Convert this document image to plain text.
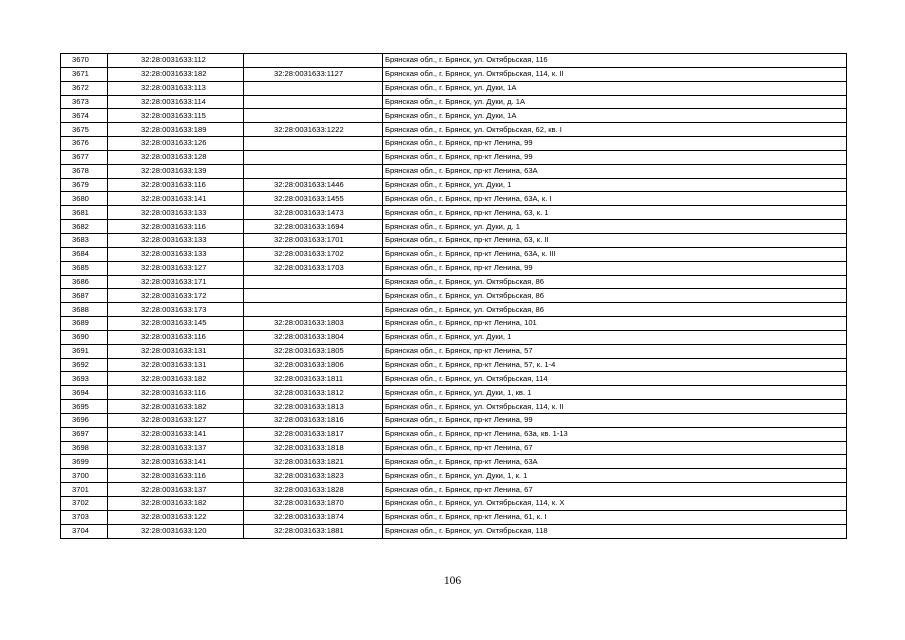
3670	32:28:0031633:112		Брянская обл., г. Брянск, ул. Октябрьская, 116
3671	32:28:0031633:182	32:28:0031633:1127	Брянская обл., г. Брянск, ул. Октябрьская, 114, к. II
3672	32:28:0031633:113		Брянская обл., г. Брянск, ул. Дуки, 1А
3673	32:28:0031633:114		Брянская обл., г. Брянск, ул. Дуки, д. 1А
3674	32:28:0031633:115		Брянская обл., г. Брянск, ул. Дуки, 1А
3675	32:28:0031633:189	32:28:0031633:1222	Брянская обл., г. Брянск, ул. Октябрьская, 62, кв. I
3676	32:28:0031633:126		Брянская обл., г. Брянск, пр-кт Ленина, 99
3677	32:28:0031633:128		Брянская обл., г. Брянск, пр-кт Ленина, 99
3678	32:28:0031633:139		Брянская обл., г. Брянск, пр-кт Ленина, 63А
3679	32:28:0031633:116	32:28:0031633:1446	Брянская обл., г. Брянск, ул. Дуки, 1
3680	32:28:0031633:141	32:28:0031633:1455	Брянская обл., г. Брянск, пр-кт Ленина, 63А, к. I
3681	32:28:0031633:133	32:28:0031633:1473	Брянская обл., г. Брянск, пр-кт Ленина, 63, к. 1
3682	32:28:0031633:116	32:28:0031633:1694	Брянская обл., г. Брянск, ул. Дуки, д. 1
3683	32:28:0031633:133	32:28:0031633:1701	Брянская обл., г. Брянск, пр-кт Ленина, 63, к. II
3684	32:28:0031633:133	32:28:0031633:1702	Брянская обл., г. Брянск, пр-кт Ленина, 63А, к. III
3685	32:28:0031633:127	32:28:0031633:1703	Брянская обл., г. Брянск, пр-кт Ленина, 99
3686	32:28:0031633:171		Брянская обл., г. Брянск, ул. Октябрьская, 86
3687	32:28:0031633:172		Брянская обл., г. Брянск, ул. Октябрьская, 86
3688	32:28:0031633:173		Брянская обл., г. Брянск, ул. Октябрьская, 86
3689	32:28:0031633:145	32:28:0031633:1803	Брянская обл., г. Брянск, пр-кт Ленина, 101
3690	32:28:0031633:116	32:28:0031633:1804	Брянская обл., г. Брянск, ул. Дуки, 1
3691	32:28:0031633:131	32:28:0031633:1805	Брянская обл., г. Брянск, пр-кт Ленина, 57
3692	32:28:0031633:131	32:28:0031633:1806	Брянская обл., г. Брянск, пр-кт Ленина, 57, к. 1-4
3693	32:28:0031633:182	32:28:0031633:1811	Брянская обл., г. Брянск, ул. Октябрьская, 114
3694	32:28:0031633:116	32:28:0031633:1812	Брянская обл., г. Брянск, ул. Дуки, 1, кв. 1
3695	32:28:0031633:182	32:28:0031633:1813	Брянская обл., г. Брянск, ул. Октябрьская, 114, к. II
3696	32:28:0031633:127	32:28:0031633:1816	Брянская обл., г. Брянск, пр-кт Ленина, 99
3697	32:28:0031633:141	32:28:0031633:1817	Брянская обл., г. Брянск, пр-кт Ленина, 63а, кв. 1-13
3698	32:28:0031633:137	32:28:0031633:1818	Брянская обл., г. Брянск, пр-кт Ленина, 67
3699	32:28:0031633:141	32:28:0031633:1821	Брянская обл., г. Брянск, пр-кт Ленина, 63А
3700	32:28:0031633:116	32:28:0031633:1823	Брянская обл., г. Брянск, ул. Дуки, 1, к. 1
3701	32:28:0031633:137	32:28:0031633:1828	Брянская обл., г. Брянск, пр-кт Ленина, 67
3702	32:28:0031633:182	32:28:0031633:1870	Брянская обл., г. Брянск, ул. Октябрьская, 114, к. X
3703	32:28:0031633:122	32:28:0031633:1874	Брянская обл., г. Брянск, пр-кт Ленина, 61, к. I
3704	32:28:0031633:120	32:28:0031633:1881	Брянская обл., г. Брянск, ул. Октябрьская, 118
106
